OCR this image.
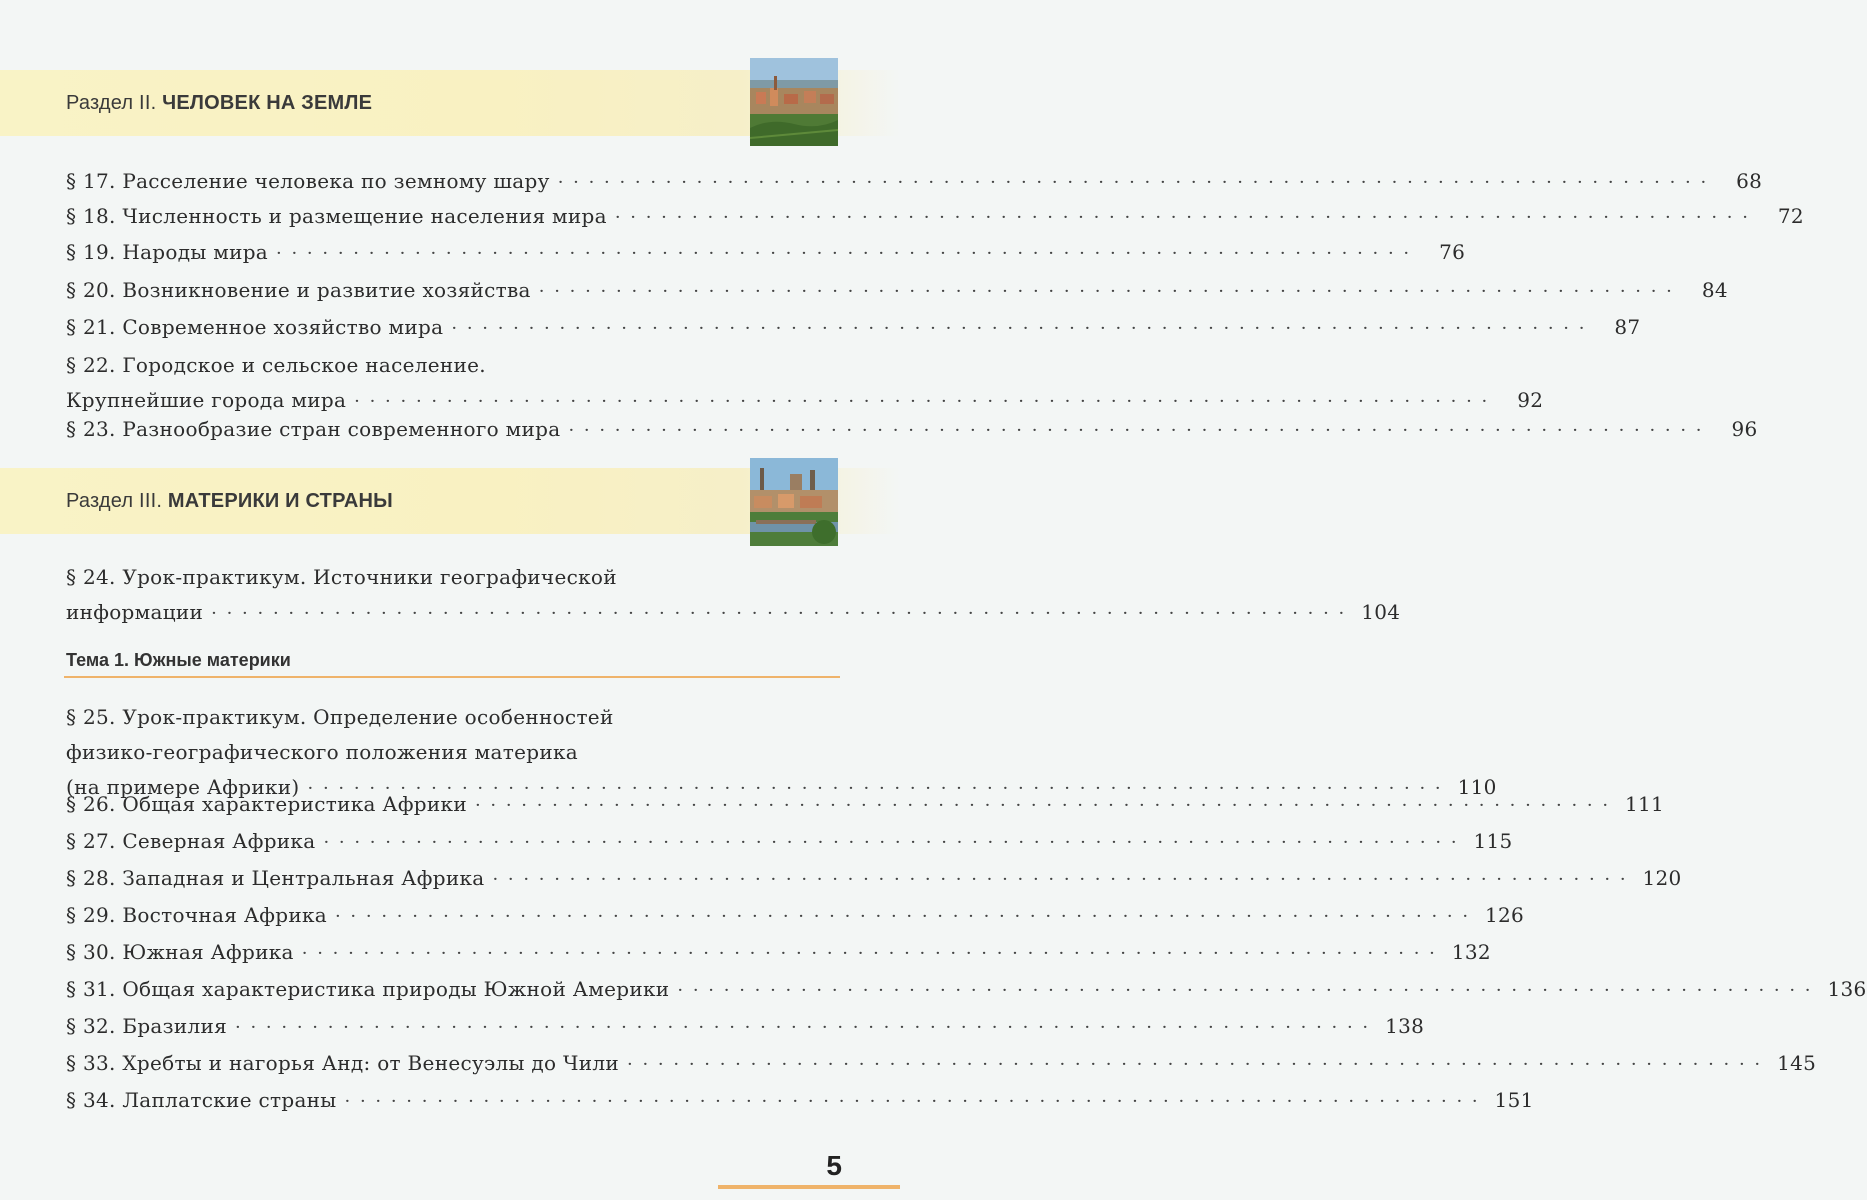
Раздел II. ЧЕЛОВЕК НА ЗЕМЛЕ
§ 17. Расселение человека по земному шару · · · · · · · · · · · · · · · · · · · · · · · · · · · · · · · · · · · · · · · · · · · · · · · · · · · · · · · · · · · · · · · · · · · · · · · · · · ·	68
§ 18. Численность и размещение населения мира · · · · · · · · · · · · · · · · · · · · · · · · · · · · · · · · · · · · · · · · · · · · · · · · · · · · · · · · · · · · · · · · · · · · · · · · · ·	72
§ 19. Народы мира · · · · · · · · · · · · · · · · · · · · · · · · · · · · · · · · · · · · · · · · · · · · · · · · · · · · · · · · · · · · · · · · · · · · · · · · · ·	76
§ 20. Возникновение и развитие хозяйства · · · · · · · · · · · · · · · · · · · · · · · · · · · · · · · · · · · · · · · · · · · · · · · · · · · · · · · · · · · · · · · · · · · · · · · · · ·	84
§ 21. Современное хозяйство мира · · · · · · · · · · · · · · · · · · · · · · · · · · · · · · · · · · · · · · · · · · · · · · · · · · · · · · · · · · · · · · · · · · · · · · · · · ·	87
§ 22. Городское и сельское население.
Крупнейшие города мира · · · · · · · · · · · · · · · · · · · · · · · · · · · · · · · · · · · · · · · · · · · · · · · · · · · · · · · · · · · · · · · · · · · · · · · · · ·	92
§ 23. Разнообразие стран современного мира · · · · · · · · · · · · · · · · · · · · · · · · · · · · · · · · · · · · · · · · · · · · · · · · · · · · · · · · · · · · · · · · · · · · · · · · · ·	96
Раздел III. МАТЕРИКИ И СТРАНЫ
§ 24. Урок-практикум. Источники географической
информации · · · · · · · · · · · · · · · · · · · · · · · · · · · · · · · · · · · · · · · · · · · · · · · · · · · · · · · · · · · · · · · · · · · · · · · · · · 104
Тема 1. Южные материки
§ 25. Урок-практикум. Определение особенностей
физико-географического положения материка
(на примере Африки) · · · · · · · · · · · · · · · · · · · · · · · · · · · · · · · · · · · · · · · · · · · · · · · · · · · · · · · · · · · · · · · · · · · · · · · · · · 110
§ 26. Общая характеристика Африки · · · · · · · · · · · · · · · · · · · · · · · · · · · · · · · · · · · · · · · · · · · · · · · · · · · · · · · · · · · · · · · · · · · · · · · · · · 111
§ 27. Северная Африка · · · · · · · · · · · · · · · · · · · · · · · · · · · · · · · · · · · · · · · · · · · · · · · · · · · · · · · · · · · · · · · · · · · · · · · · · · 115
§ 28. Западная и Центральная Африка · · · · · · · · · · · · · · · · · · · · · · · · · · · · · · · · · · · · · · · · · · · · · · · · · · · · · · · · · · · · · · · · · · · · · · · · · · 120
§ 29. Восточная Африка · · · · · · · · · · · · · · · · · · · · · · · · · · · · · · · · · · · · · · · · · · · · · · · · · · · · · · · · · · · · · · · · · · · · · · · · · · 126
§ 30. Южная Африка · · · · · · · · · · · · · · · · · · · · · · · · · · · · · · · · · · · · · · · · · · · · · · · · · · · · · · · · · · · · · · · · · · · · · · · · · · 132
§ 31. Общая характеристика природы Южной Америки · · · · · · · · · · · · · · · · · · · · · · · · · · · · · · · · · · · · · · · · · · · · · · · · · · · · · · · · · · · · · · · · · · · · · · · · · · 136
§ 32. Бразилия · · · · · · · · · · · · · · · · · · · · · · · · · · · · · · · · · · · · · · · · · · · · · · · · · · · · · · · · · · · · · · · · · · · · · · · · · · 138
§ 33. Хребты и нагорья Анд: от Венесуэлы до Чили · · · · · · · · · · · · · · · · · · · · · · · · · · · · · · · · · · · · · · · · · · · · · · · · · · · · · · · · · · · · · · · · · · · · · · · · · · 145
§ 34. Лаплатские страны · · · · · · · · · · · · · · · · · · · · · · · · · · · · · · · · · · · · · · · · · · · · · · · · · · · · · · · · · · · · · · · · · · · · · · · · · · 151
5
